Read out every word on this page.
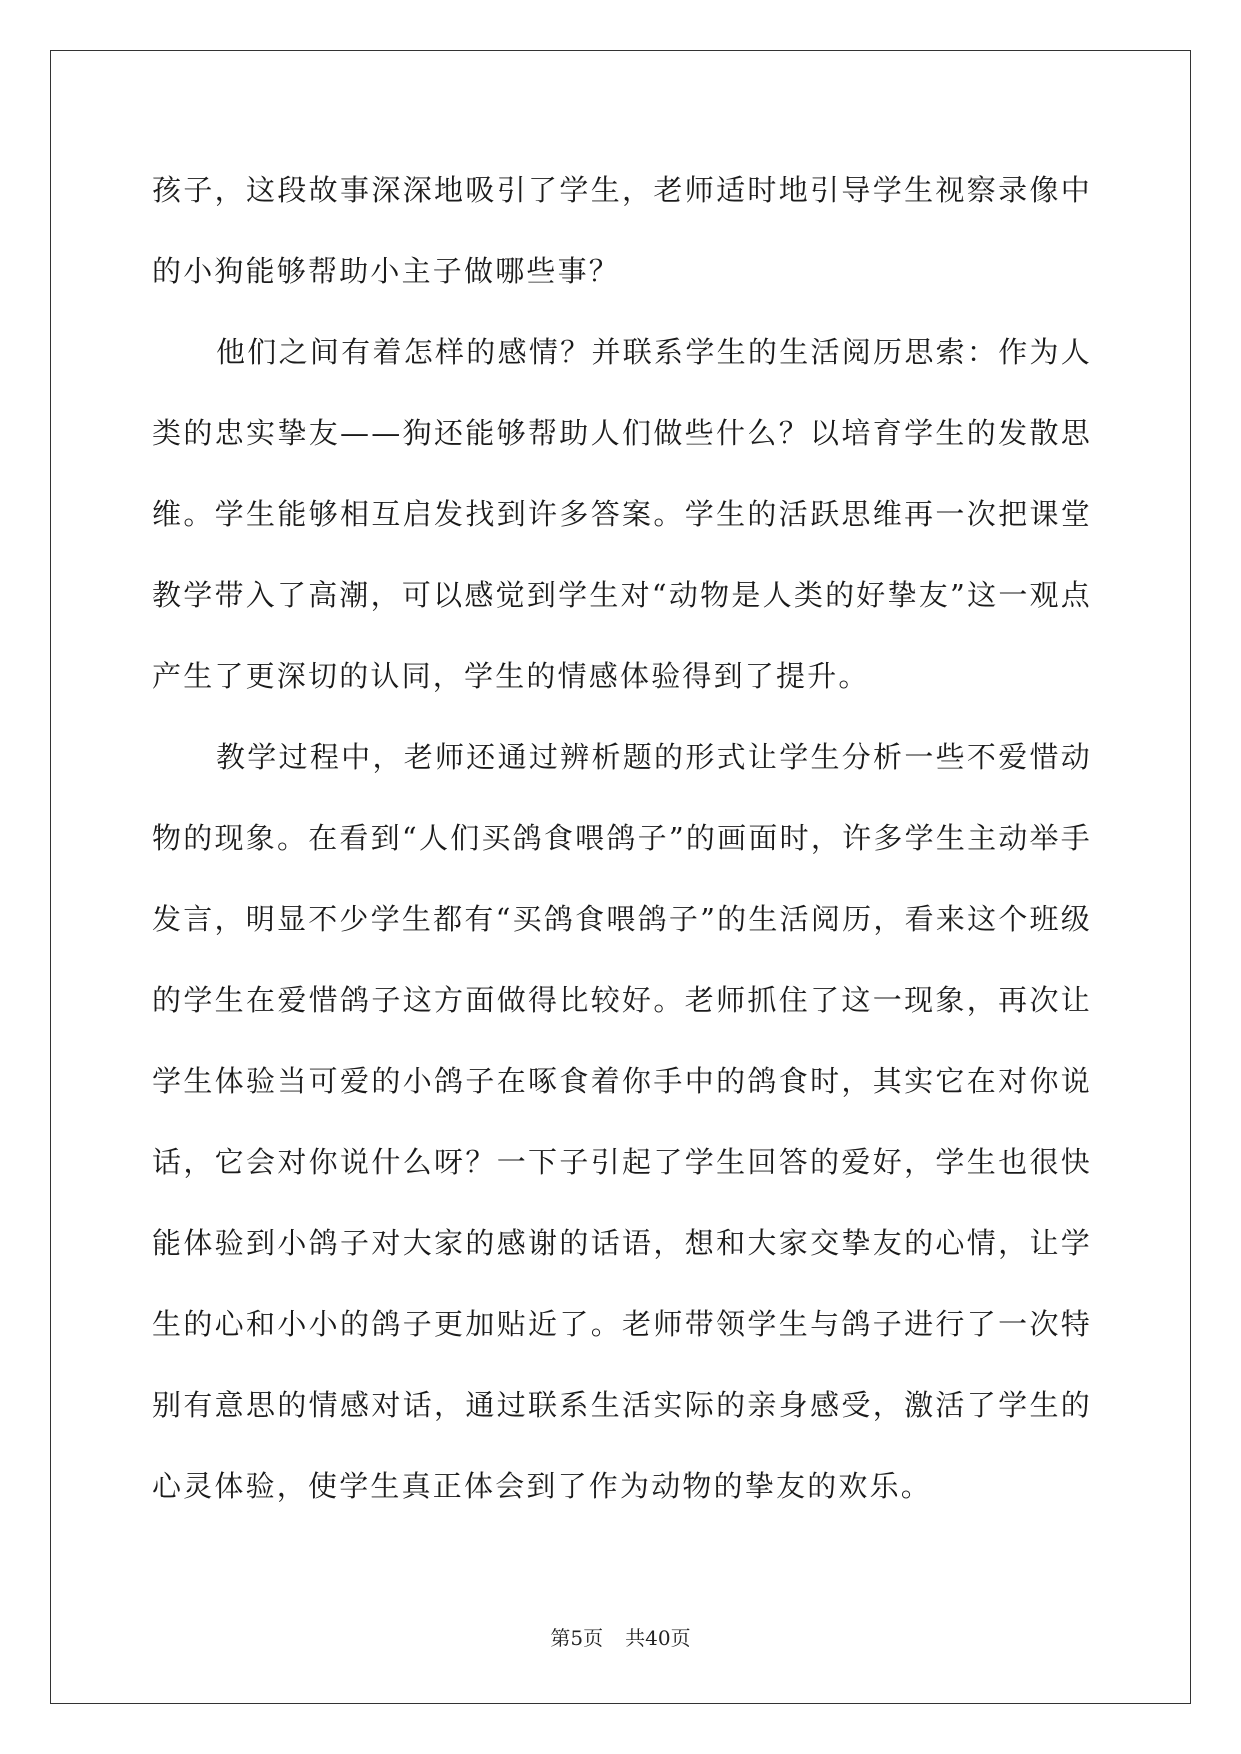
孩子，这段故事深深地吸引了学生，老师适时地引导学生视察录像中的小狗能够帮助小主子做哪些事？

他们之间有着怎样的感情？并联系学生的生活阅历思索：作为人类的忠实挚友——狗还能够帮助人们做些什么？以培育学生的发散思维。学生能够相互启发找到许多答案。学生的活跃思维再一次把课堂教学带入了高潮，可以感觉到学生对“动物是人类的好挚友”这一观点产生了更深切的认同，学生的情感体验得到了提升。

教学过程中，老师还通过辨析题的形式让学生分析一些不爱惜动物的现象。在看到“人们买鸽食喂鸽子”的画面时，许多学生主动举手发言，明显不少学生都有“买鸽食喂鸽子”的生活阅历，看来这个班级的学生在爱惜鸽子这方面做得比较好。老师抓住了这一现象，再次让学生体验当可爱的小鸽子在啄食着你手中的鸽食时，其实它在对你说话，它会对你说什么呀？一下子引起了学生回答的爱好，学生也很快能体验到小鸽子对大家的感谢的话语，想和大家交挚友的心情，让学生的心和小小的鸽子更加贴近了。老师带领学生与鸽子进行了一次特别有意思的情感对话，通过联系生活实际的亲身感受，激活了学生的心灵体验，使学生真正体会到了作为动物的挚友的欢乐。

第5页 共40页
